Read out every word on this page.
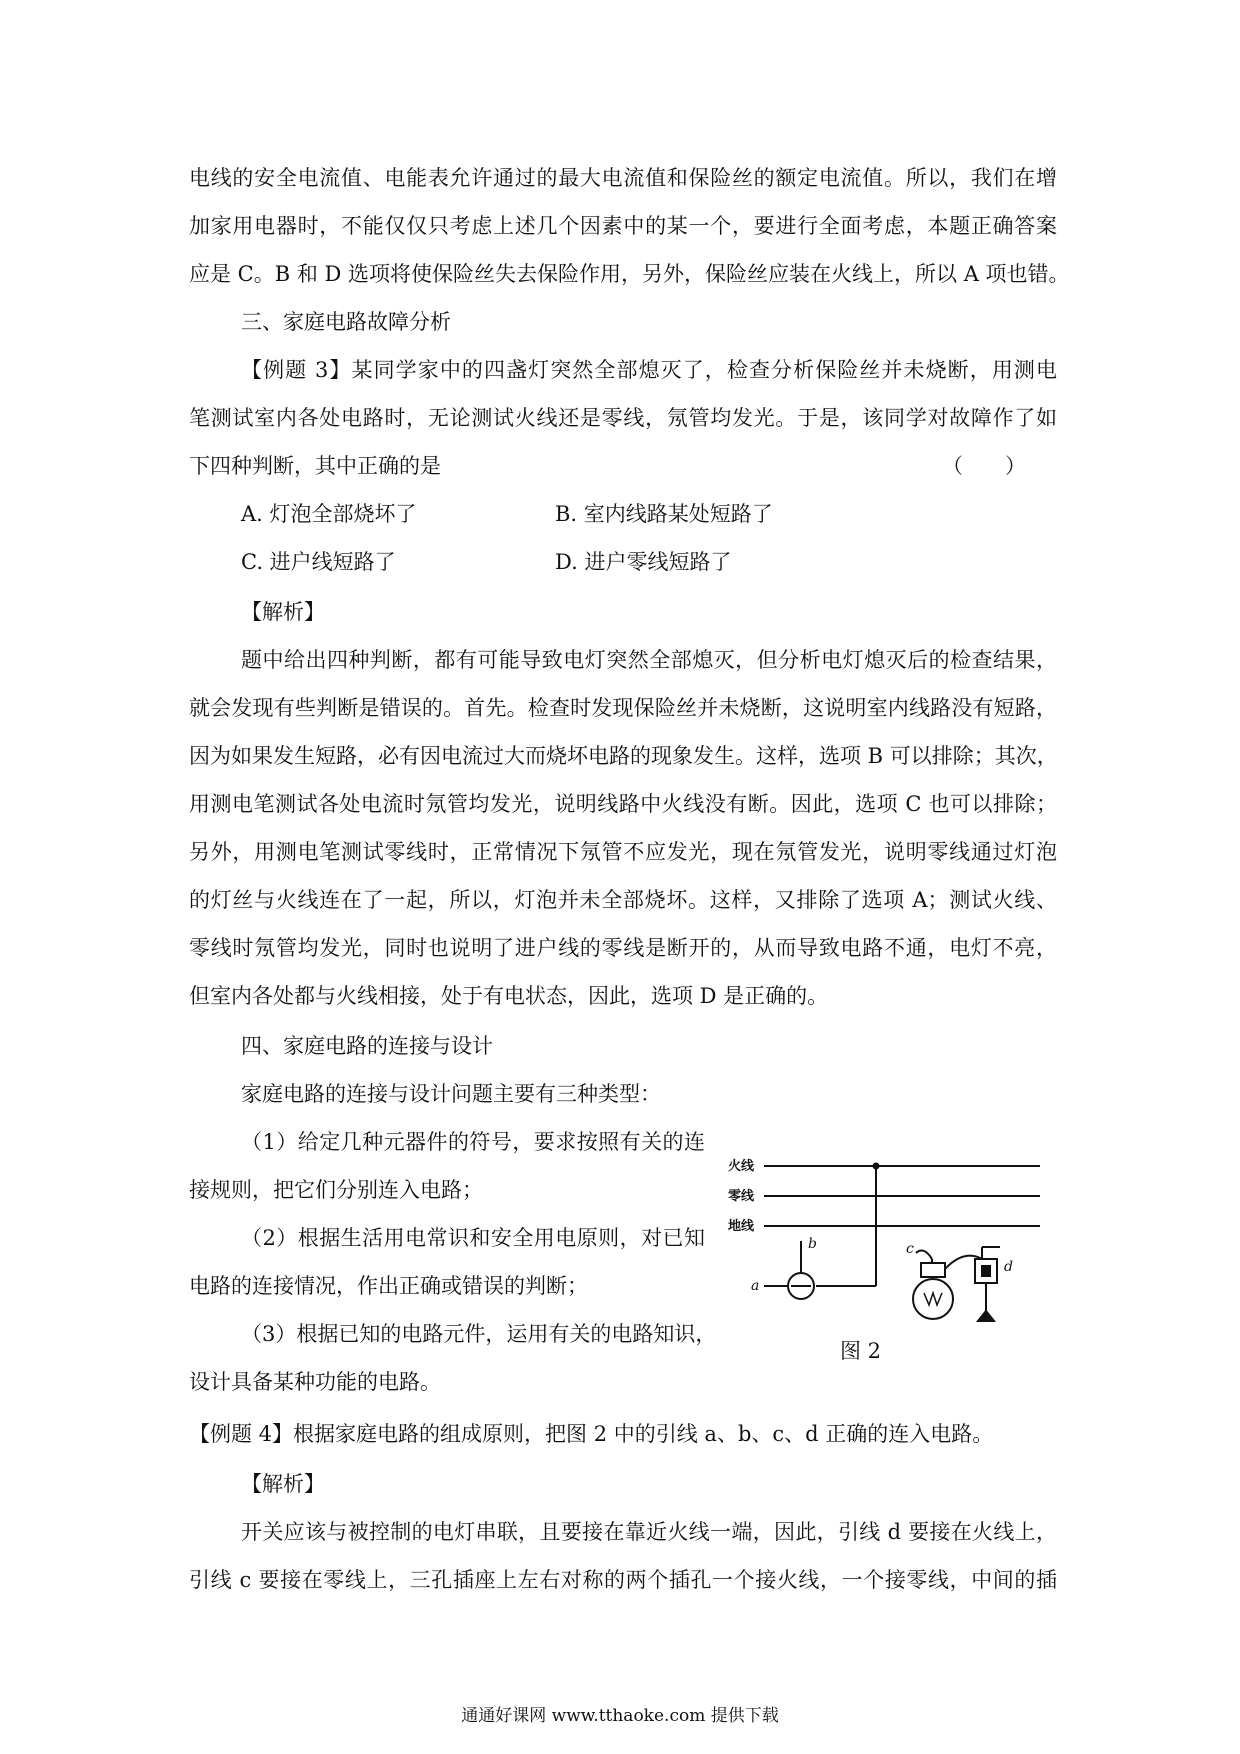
电线的安全电流值、电能表允许通过的最大电流值和保险丝的额定电流值。所以，我们在增
加家用电器时，不能仅仅只考虑上述几个因素中的某一个，要进行全面考虑，本题正确答案
应是 C。B 和 D 选项将使保险丝失去保险作用，另外，保险丝应装在火线上，所以 A 项也错。
三、家庭电路故障分析
【例题 3】某同学家中的四盏灯突然全部熄灭了，检查分析保险丝并未烧断，用测电
笔测试室内各处电路时，无论测试火线还是零线，氖管均发光。于是，该同学对故障作了如
下四种判断，其中正确的是	（　　）
A. 灯泡全部烧坏了	B. 室内线路某处短路了
C. 进户线短路了	D. 进户零线短路了
【解析】
题中给出四种判断，都有可能导致电灯突然全部熄灭，但分析电灯熄灭后的检查结果，
就会发现有些判断是错误的。首先。检查时发现保险丝并未烧断，这说明室内线路没有短路，
因为如果发生短路，必有因电流过大而烧坏电路的现象发生。这样，选项 B 可以排除；其次，
用测电笔测试各处电流时氖管均发光，说明线路中火线没有断。因此，选项 C 也可以排除；
另外，用测电笔测试零线时，正常情况下氖管不应发光，现在氖管发光，说明零线通过灯泡
的灯丝与火线连在了一起，所以，灯泡并未全部烧坏。这样，又排除了选项 A；测试火线、
零线时氖管均发光，同时也说明了进户线的零线是断开的，从而导致电路不通，电灯不亮，
但室内各处都与火线相接，处于有电状态，因此，选项 D 是正确的。
四、家庭电路的连接与设计
家庭电路的连接与设计问题主要有三种类型：
（1）给定几种元器件的符号，要求按照有关的连
接规则，把它们分别连入电路；
（2）根据生活用电常识和安全用电原则，对已知
电路的连接情况，作出正确或错误的判断；
（3）根据已知的电路元件，运用有关的电路知识，
设计具备某种功能的电路。
火线
零线
地线
a
b	c
d
图 2
【例题 4】根据家庭电路的组成原则，把图 2 中的引线 a、b、c、d 正确的连入电路。
【解析】
开关应该与被控制的电灯串联，且要接在靠近火线一端，因此，引线 d 要接在火线上，
引线 c 要接在零线上，三孔插座上左右对称的两个插孔一个接火线，一个接零线，中间的插
通通好课网 www.tthaoke.com 提供下载
